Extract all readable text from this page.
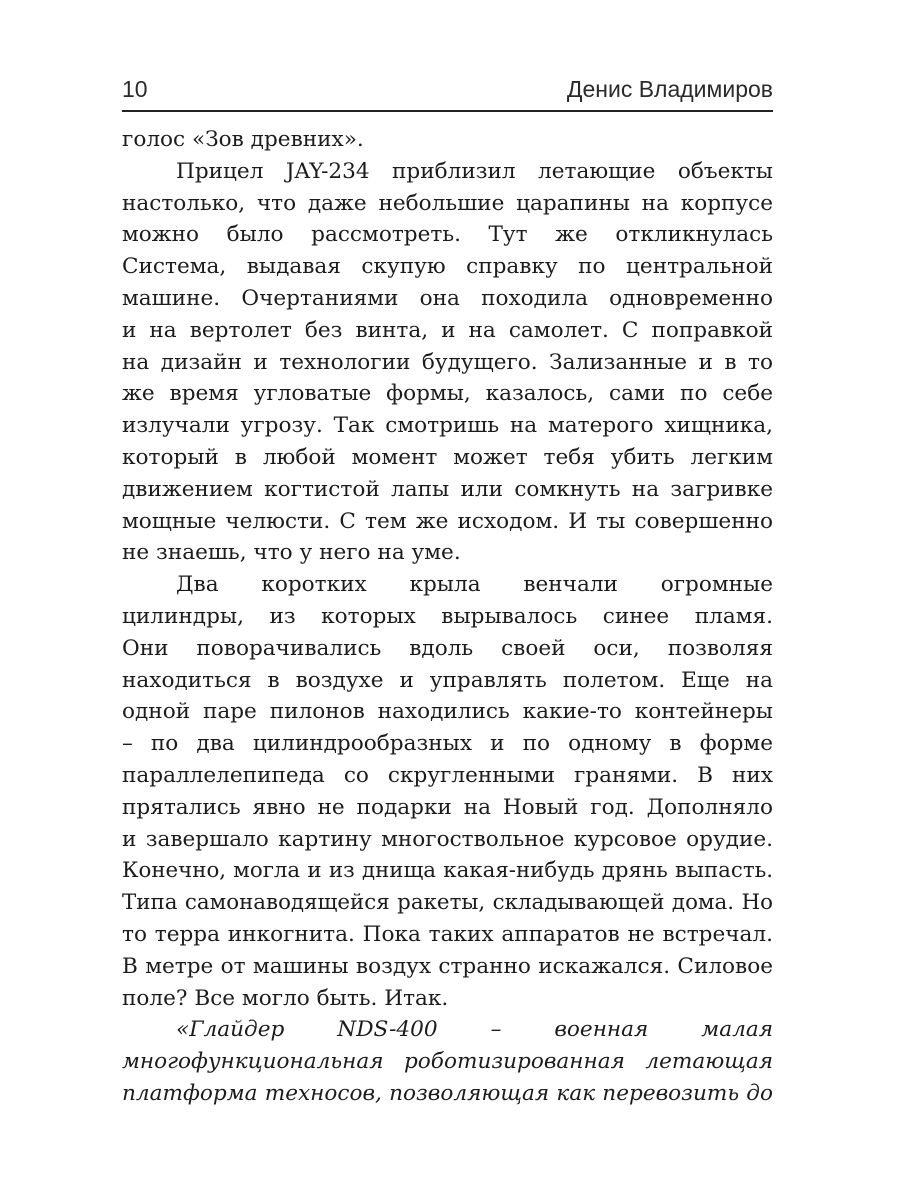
10	Денис Владимиров

голос «Зов древних».

Прицел JAY-234 приблизил летающие объекты
настолько, что даже небольшие царапины на корпусе
можно было рассмотреть. Тут же откликнулась
Система, выдавая скупую справку по центральной
машине. Очертаниями она походила одновременно
и на вертолет без винта, и на самолет. С поправкой
на дизайн и технологии будущего. Зализанные и в то
же время угловатые формы, казалось, сами по себе
излучали угрозу. Так смотришь на матерого хищника,
который в любой момент может тебя убить легким
движением когтистой лапы или сомкнуть на загривке
мощные челюсти. С тем же исходом. И ты совершенно
не знаешь, что у него на уме.

Два коротких крыла венчали огромные
цилиндры, из которых вырывалось синее пламя.
Они поворачивались вдоль своей оси, позволяя
находиться в воздухе и управлять полетом. Еще на
одной паре пилонов находились какие-то контейнеры
– по два цилиндрообразных и по одному в форме
параллелепипеда со скругленными гранями. В них
прятались явно не подарки на Новый год. Дополняло
и завершало картину многоствольное курсовое орудие.
Конечно, могла и из днища какая-нибудь дрянь выпасть.
Типа самонаводящейся ракеты, складывающей дома. Но
то терра инкогнита. Пока таких аппаратов не встречал.
В метре от машины воздух странно искажался. Силовое
поле? Все могло быть. Итак.

«Глайдер NDS-400 – военная малая
многофункциональная роботизированная летающая
платформа техносов, позволяющая как перевозить до
